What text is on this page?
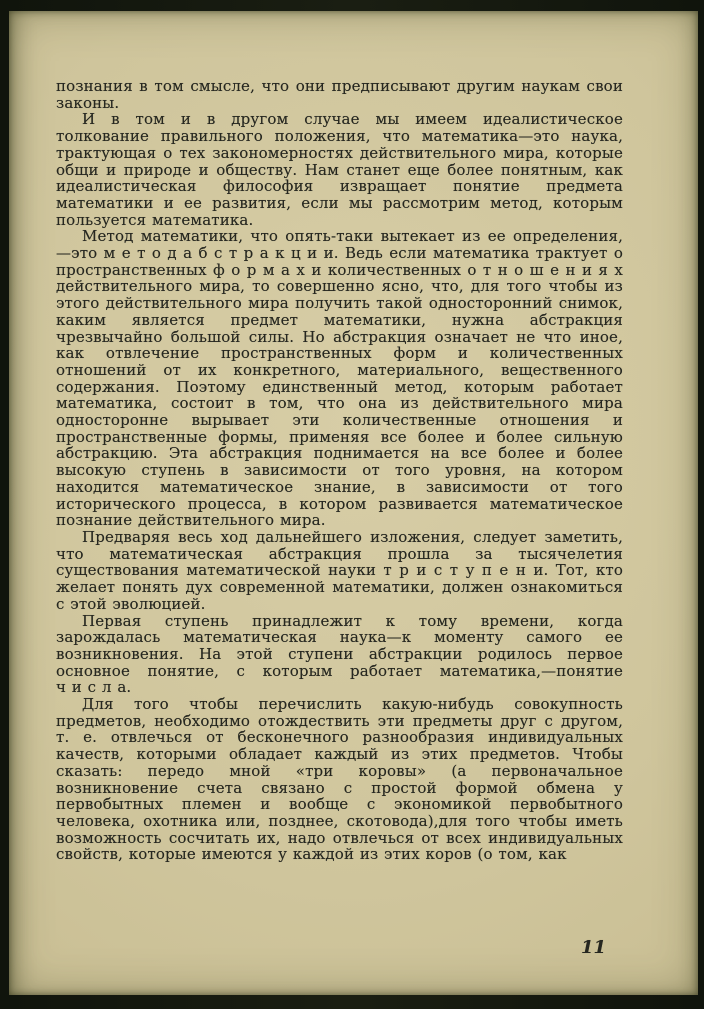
познания в том смысле, что они предписывают другим наукам свои законы.

И в том и в другом случае мы имеем идеалистическое толкование правильного положения, что математика—это наука, трактующая о тех закономерностях действительного мира, которые общи и природе и обществу. Нам станет еще более понятным, как идеалистическая философия извращает понятие предмета математики и ее развития, если мы рассмотрим метод, которым пользуется математика.

Метод математики, что опять-таки вытекает из ее определения,—это м е т о д а б с т р а к ц и и. Ведь если математика трактует о пространственных ф о р м а х и количественных о т н о ш е н и я х действительного мира, то совершенно ясно, что, для того чтобы из этого действительного мира получить такой односторонний снимок, каким является предмет математики, нужна абстракция чрезвычайно большой силы. Но абстракция означает не что иное, как отвлечение пространственных форм и количественных отношений от их конкретного, материального, вещественного содержания. Поэтому единственный метод, которым работает математика, состоит в том, что она из действительного мира односторонне вырывает эти количественные отношения и пространственные формы, применяя все более и более сильную абстракцию. Эта абстракция поднимается на все более и более высокую ступень в зависимости от того уровня, на котором находится математическое знание, в зависимости от того исторического процесса, в котором развивается математическое познание действительного мира.

Предваряя весь ход дальнейшего изложения, следует заметить, что математическая абстракция прошла за тысячелетия существования математической науки т р и с т у п е н и. Тот, кто желает понять дух современной математики, должен ознакомиться с этой эволюцией.

Первая ступень принадлежит к тому времени, когда зарождалась математическая наука—к моменту самого ее возникновения. На этой ступени абстракции родилось первое основное понятие, с которым работает математика,—понятие ч и с л а.

Для того чтобы перечислить какую-нибудь совокупность предметов, необходимо отождествить эти предметы друг с другом, т. е. отвлечься от бесконечного разнообразия индивидуальных качеств, которыми обладает каждый из этих предметов. Чтобы сказать: передо мной «три коровы» (а первоначальное возникновение счета связано с простой формой обмена у первобытных племен и вообще с экономикой первобытного человека, охотника или, позднее, скотовода),для того чтобы иметь возможность сосчитать их, надо отвлечься от всех индивидуальных свойств, которые имеются у каждой из этих коров (о том, как

11
